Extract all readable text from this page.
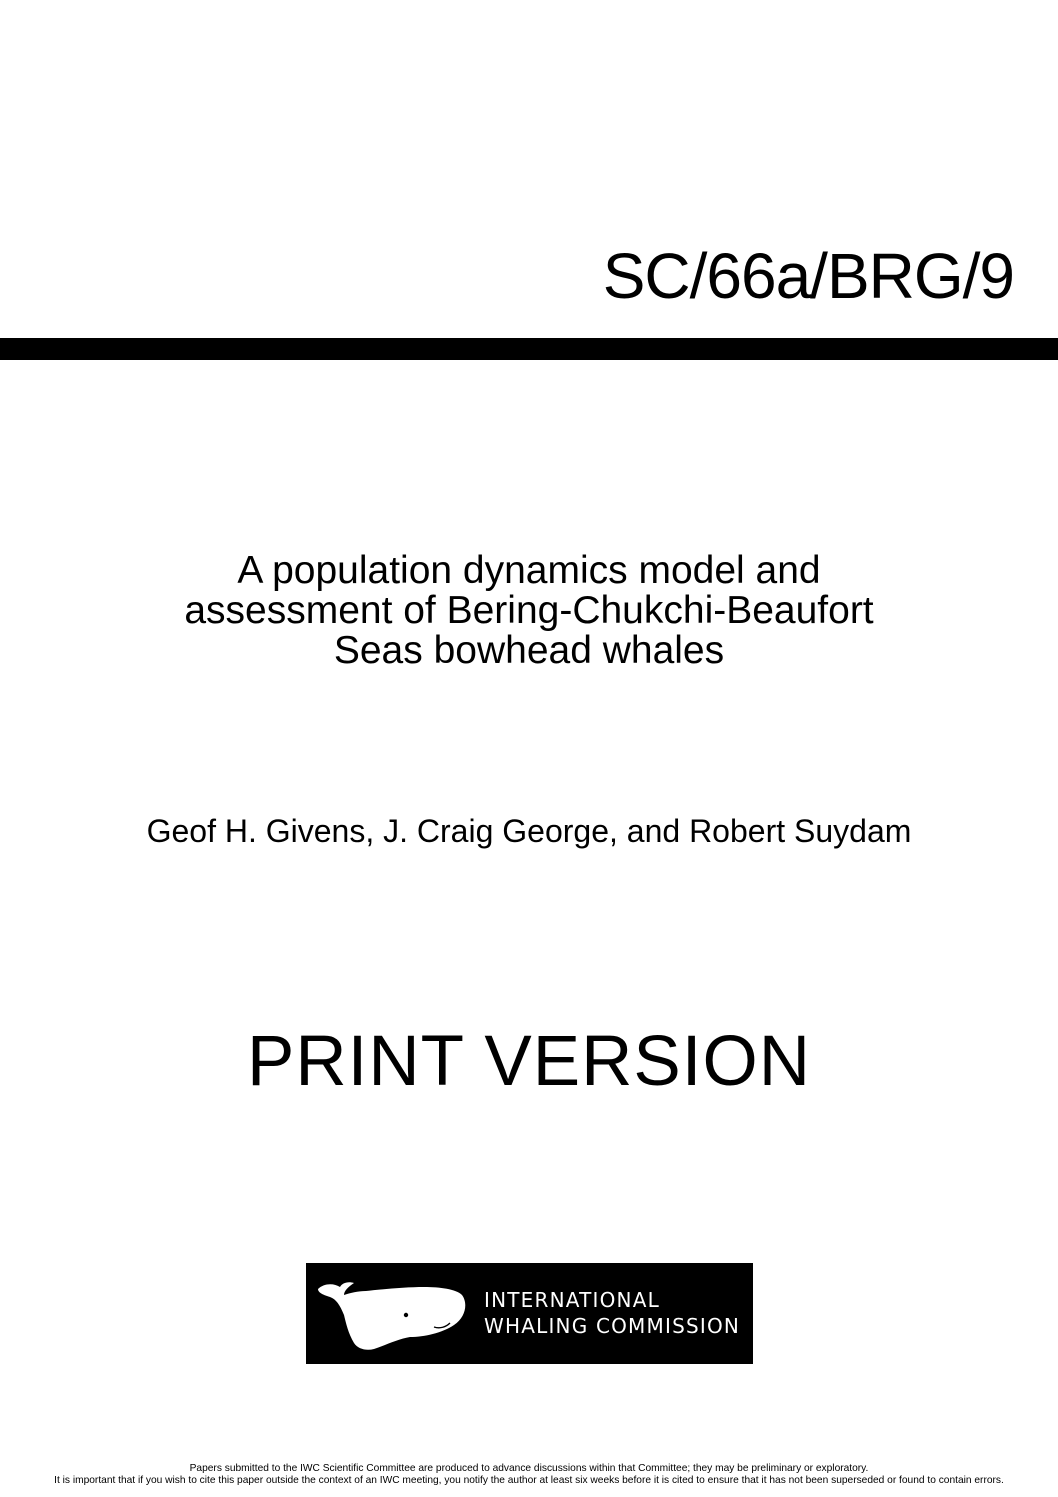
SC/66a/BRG/9
A population dynamics model and
assessment of Bering-Chukchi-Beaufort
Seas bowhead whales
Geof H. Givens, J. Craig George, and Robert Suydam
PRINT VERSION
INTERNATIONAL
WHALING COMMISSION
Papers submitted to the IWC Scientific Committee are produced to advance discussions within that Committee; they may be preliminary or exploratory.
It is important that if you wish to cite this paper outside the context of an IWC meeting, you notify the author at least six weeks before it is cited to ensure that it has not been superseded or found to contain errors.
